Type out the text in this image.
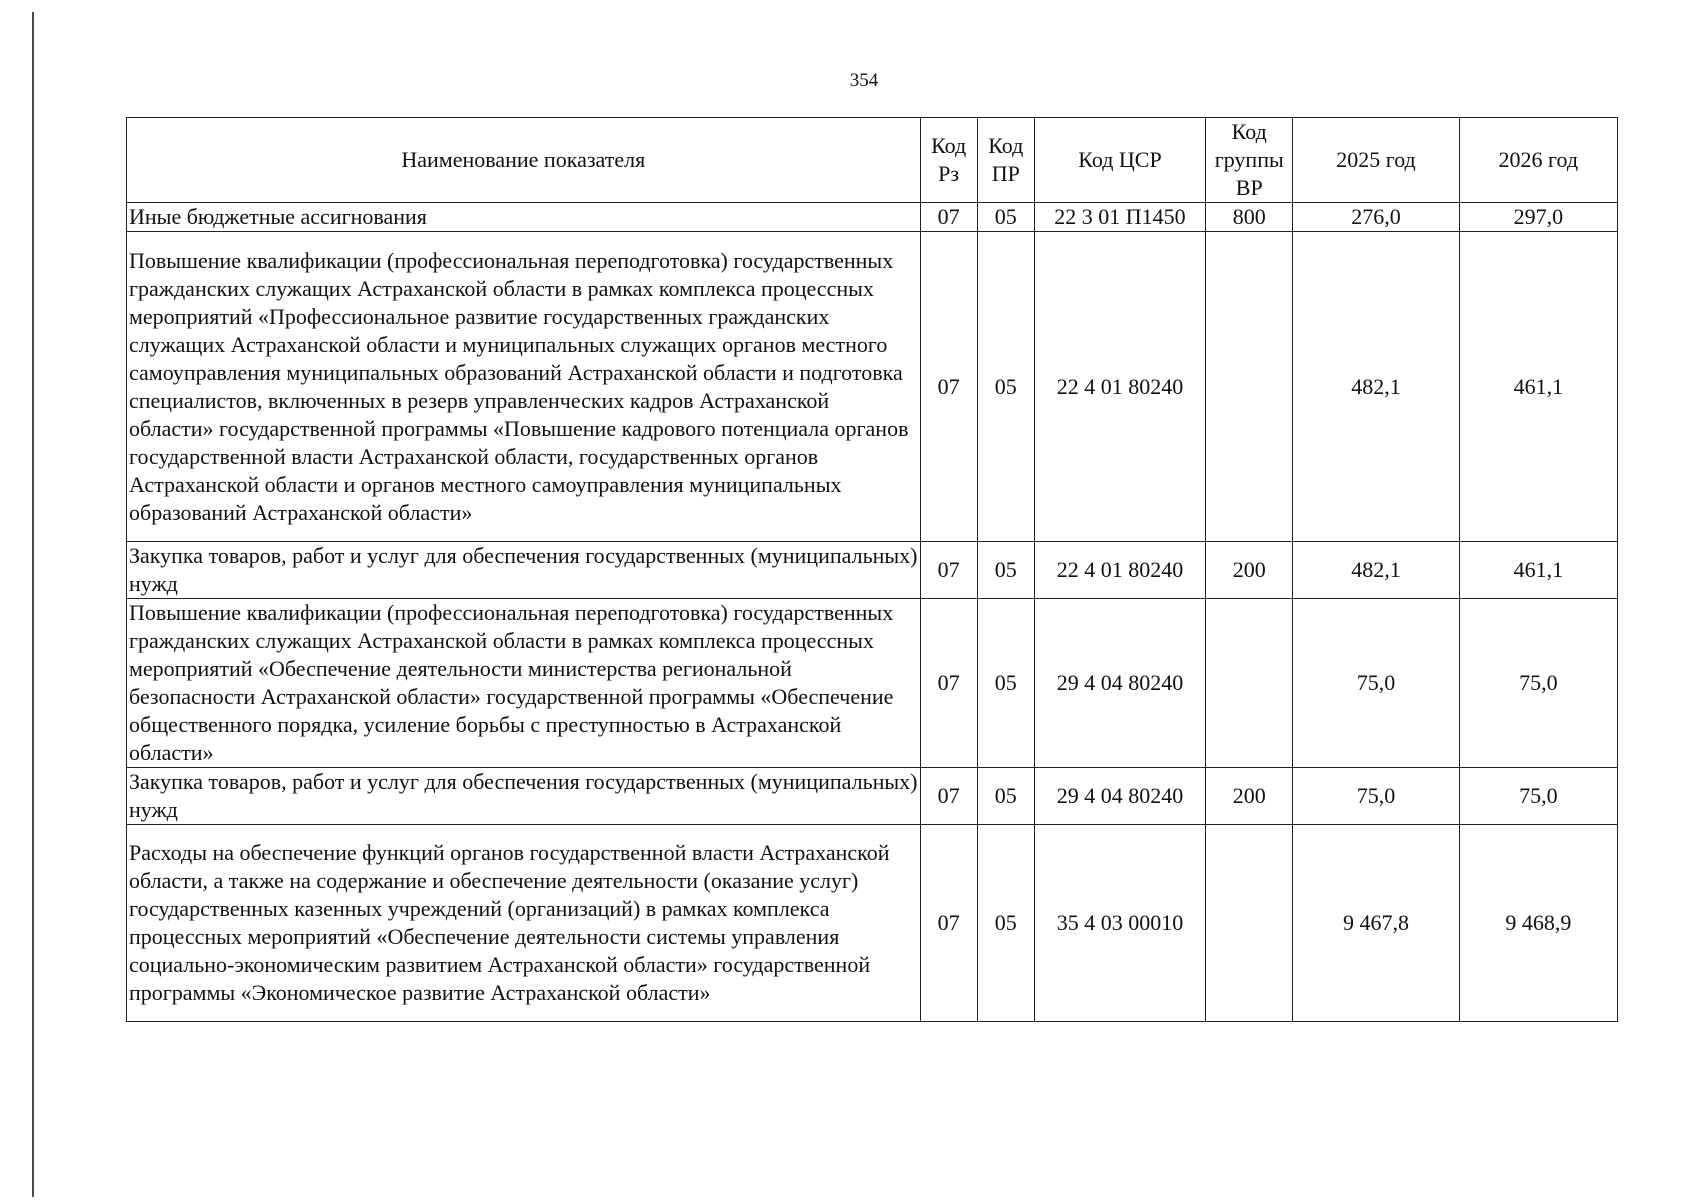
354
Наименование показателя	Код Рз	Код ПР	Код ЦСР	Код группы ВР	2025 год	2026 год
Иные бюджетные ассигнования	07	05	22 3 01 П1450	800	276,0	297,0
Повышение квалификации (профессиональная переподготовка) государственных гражданских служащих Астраханской области в рамках комплекса процессных мероприятий «Профессиональное развитие государственных гражданских служащих Астраханской области и муниципальных служащих органов местного самоуправления муниципальных образований Астраханской области и подготовка специалистов, включенных в резерв управленческих кадров Астраханской области» государственной программы «Повышение кадрового потенциала органов государственной власти Астраханской области, государственных органов Астраханской области и органов местного самоуправления муниципальных образований Астраханской области»	07	05	22 4 01 80240		482,1	461,1
Закупка товаров, работ и услуг для обеспечения государственных (муниципальных) нужд	07	05	22 4 01 80240	200	482,1	461,1
Повышение квалификации (профессиональная переподготовка) государственных гражданских служащих Астраханской области в рамках комплекса процессных мероприятий «Обеспечение деятельности министерства региональной безопасности Астраханской области» государственной программы «Обеспечение общественного порядка, усиление борьбы с преступностью в Астраханской области»	07	05	29 4 04 80240		75,0	75,0
Закупка товаров, работ и услуг для обеспечения государственных (муниципальных) нужд	07	05	29 4 04 80240	200	75,0	75,0
Расходы на обеспечение функций органов государственной власти Астраханской области, а также на содержание и обеспечение деятельности (оказание услуг) государственных казенных учреждений (организаций) в рамках комплекса процессных мероприятий «Обеспечение деятельности системы управления социально-экономическим развитием Астраханской области» государственной программы «Экономическое развитие Астраханской области»	07	05	35 4 03 00010		9 467,8	9 468,9
